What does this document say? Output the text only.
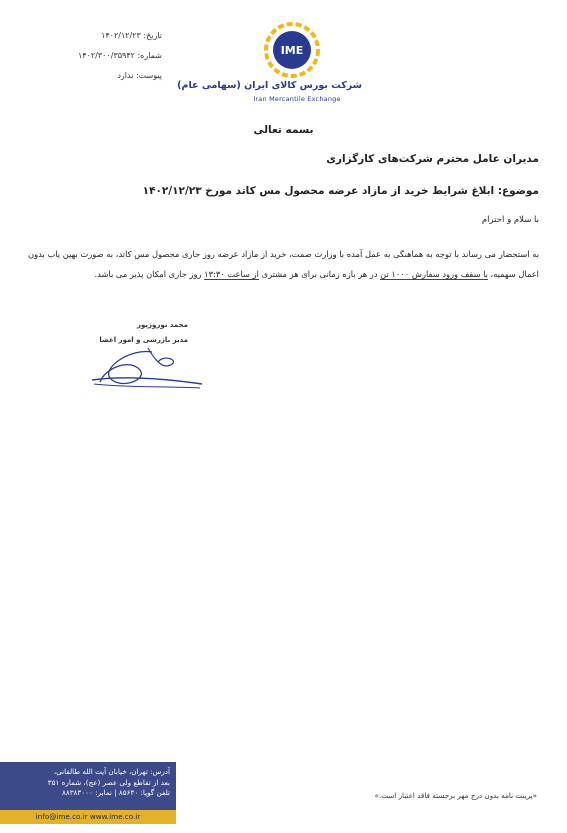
تاریخ: ۱۴۰۲/۱۲/۲۳
شماره: ۱۴۰۲/۳۰۰/۳۵۹۴۲
پیوست: ندارد
IME
شرکت بورس کالای ایران (سهامی عام)
Iran Mercantile Exchange
بسمه تعالی
مدیران عامل محترم شرکت‌های کارگزاری
موضوع: ابلاغ شرایط خرید از مازاد عرضه محصول مس کاتد مورخ ۱۴۰۲/۱۲/۲۳
با سلام و احترام
به استحضار می رساند با توجه به هماهنگی به عمل آمده با وزارت صمت، خرید از مازاد عرضه روز جاری محصول مس کاتد، به صورت بهین یاب بدون اعمال سهمیه، با سقف ورود سفارش ۱۰۰۰ تن در هر بازه زمانی برای هر مشتری از ساعت ۱۳:۳۰ روز جاری امکان پذیر می باشد.
محمد نوروزپور
مدیر بازرسی و امور اعضا
آدرس: تهران، خیابان آیت الله طالقانی،
بعد از تقاطع ولی عصر (عج)، شماره ۳۵۱
تلفن گویا: ۸۵۶۴۰ | نمابر: ۸۸۳۸۳۰۰۰
info@ime.co.ir www.ime.co.ir
«پرینت نامه بدون درج مهر برجسته فاقد اعتبار است.»
